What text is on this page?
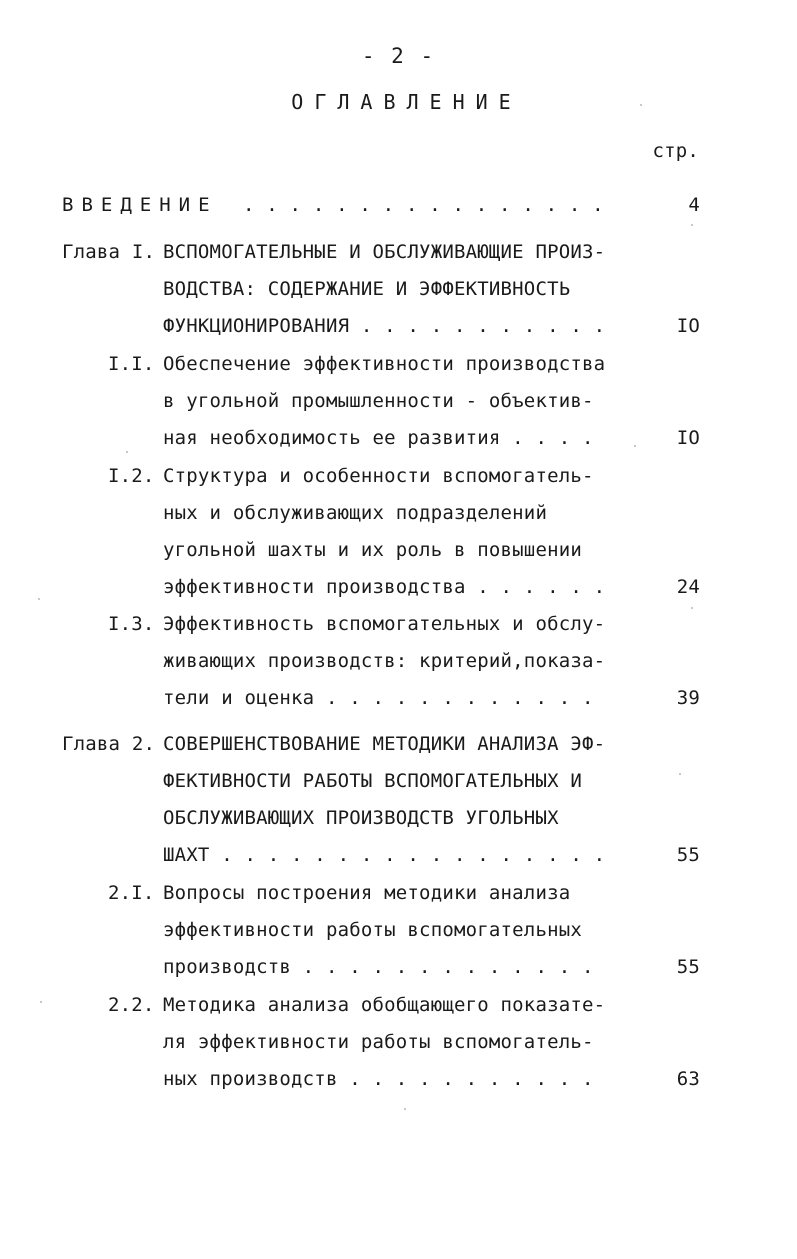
- 2 -
ОГЛАВЛЕНИЕ
стр.
ВВЕДЕНИЕ . . . . . . . . . . . . . . . .	4
Глава I. ВСПОМОГАТЕЛЬНЫЕ И ОБСЛУЖИВАЮЩИЕ ПРОИЗ-
ВОДСТВА: СОДЕРЖАНИЕ И ЭФФЕКТИВНОСТЬ
ФУНКЦИОНИРОВАНИЯ . . . . . . . . . . .	IO
I.I. Обеспечение эффективности производства
в угольной промышленности - объектив-
ная необходимость ее развития . . . .	IO
I.2. Структура и особенности вспомогатель-
ных и обслуживающих подразделений
угольной шахты и их роль в повышении
эффективности производства . . . . . .	24
I.3. Эффективность вспомогательных и обслу-
живающих производств: критерий,показа-
тели и оценка . . . . . . . . . . . .	39
Глава 2. СОВЕРШЕНСТВОВАНИЕ МЕТОДИКИ АНАЛИЗА ЭФ-
ФЕКТИВНОСТИ РАБОТЫ ВСПОМОГАТЕЛЬНЫХ И
ОБСЛУЖИВАЮЩИХ ПРОИЗВОДСТВ УГОЛЬНЫХ
ШАХТ . . . . . . . . . . . . . . . . .	55
2.I. Вопросы построения методики анализа
эффективности работы вспомогательных
производств . . . . . . . . . . . . .	55
2.2. Методика анализа обобщающего показате-
ля эффективности работы вспомогатель-
ных производств . . . . . . . . . . .	63
